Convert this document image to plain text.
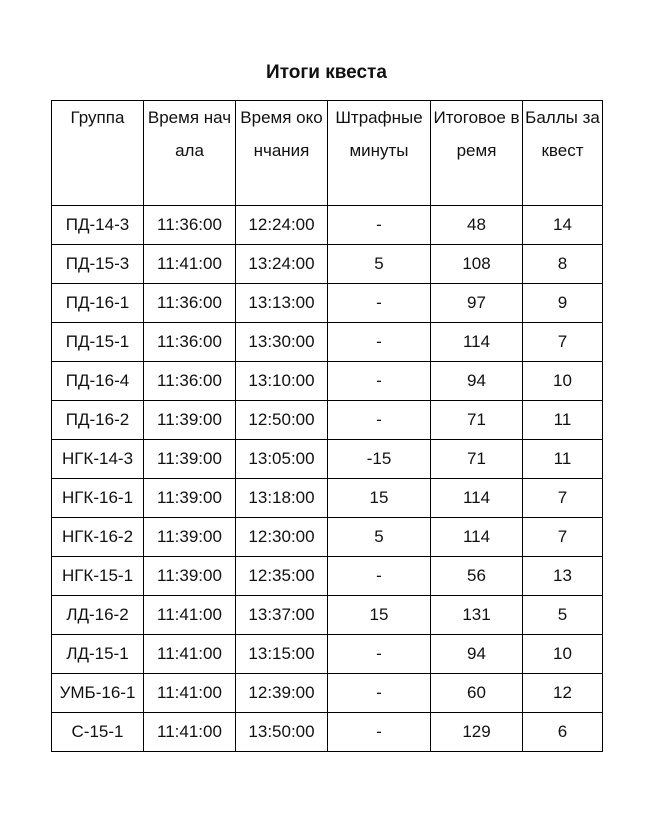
Итоги квеста
Группа	Время начала	Время окончания	Штрафные минуты	Итоговое время	Баллы за квест
ПД-14-3	11:36:00	12:24:00	-	48	14
ПД-15-3	11:41:00	13:24:00	5	108	8
ПД-16-1	11:36:00	13:13:00	-	97	9
ПД-15-1	11:36:00	13:30:00	-	114	7
ПД-16-4	11:36:00	13:10:00	-	94	10
ПД-16-2	11:39:00	12:50:00	-	71	11
НГК-14-3	11:39:00	13:05:00	-15	71	11
НГК-16-1	11:39:00	13:18:00	15	114	7
НГК-16-2	11:39:00	12:30:00	5	114	7
НГК-15-1	11:39:00	12:35:00	-	56	13
ЛД-16-2	11:41:00	13:37:00	15	131	5
ЛД-15-1	11:41:00	13:15:00	-	94	10
УМБ-16-1	11:41:00	12:39:00	-	60	12
С-15-1	11:41:00	13:50:00	-	129	6
